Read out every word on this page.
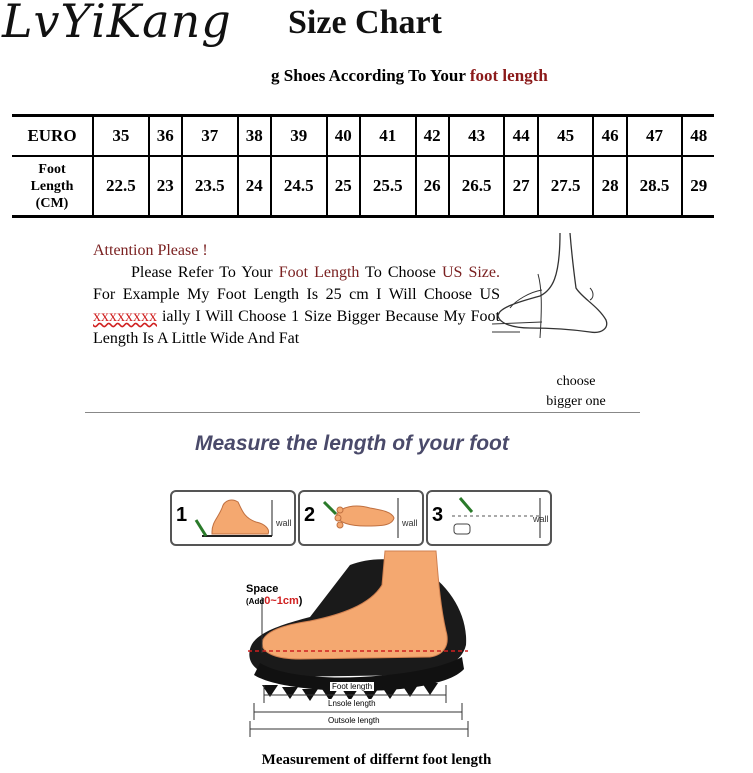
LvYiKang Size Chart
g Shoes According To Your foot length
EURO	35	36	37	38	39	40	41	42	43	44	45	46	47	48
Foot
Length
(CM)	22.5	23	23.5	24	24.5	25	25.5	26	26.5	27	27.5	28	28.5	29
Attention Please !

Please Refer To Your Foot Length To Choose US Size. For Example My Foot Length Is 25 cm I Will Choose US xxxxxxxx ially I Will Choose 1 Size Bigger Because My Foot Length Is A Little Wide And Fat

choose
bigger one
Measure the length of your foot
1	wall 2	wall 3	wall
Space
(Add0~1cm)
Foot length
Lnsole length
Outsole length
Measurement of differnt foot length
